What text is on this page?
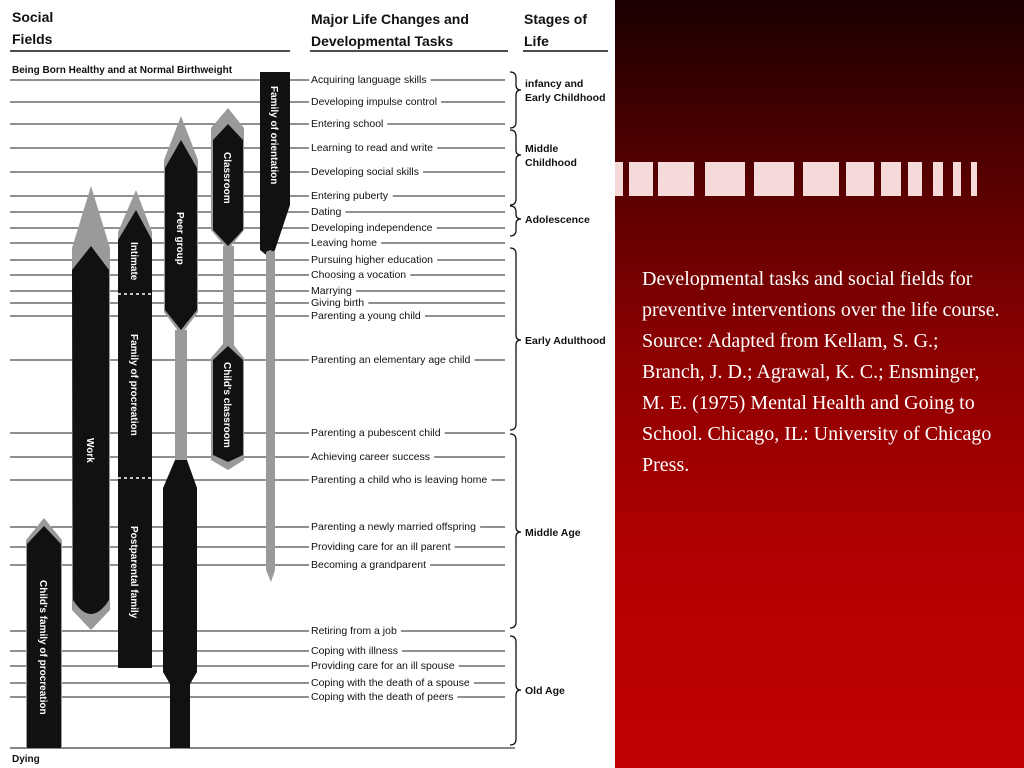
Social
Fields
Major Life Changes and
Developmental Tasks
Stages of
Life
Being Born Healthy and at Normal Birthweight
Dying
Family of orientation
Classroom
Peer group
Intimate
Family of procreation
Postparental family
Work
Child's classroom
Child's family of procreation
Acquiring language skills
Developing impulse control
Entering school
Learning to read and write
Developing social skills
Entering puberty
Dating
Developing independence
Leaving home
Pursuing higher education
Choosing a vocation
Marrying
Giving birth
Parenting a young child
Parenting an elementary age child
Parenting a pubescent child
Achieving career success
Parenting a child who is leaving home
Parenting a newly married offspring
Providing care for an ill parent
Becoming a grandparent
Retiring from a job
Coping with illness
Providing care for an ill spouse
Coping with the death of a spouse
Coping with the death of peers
infancy and
Early Childhood
Middle
Childhood
Adolescence
Early Adulthood
Middle Age
Old Age
Developmental tasks and social fields for preventive interventions over the life course. Source: Adapted from Kellam, S. G.; Branch, J. D.; Agrawal, K. C.; Ensminger, M. E. (1975) Mental Health and Going to School. Chicago, IL: University of Chicago Press.
